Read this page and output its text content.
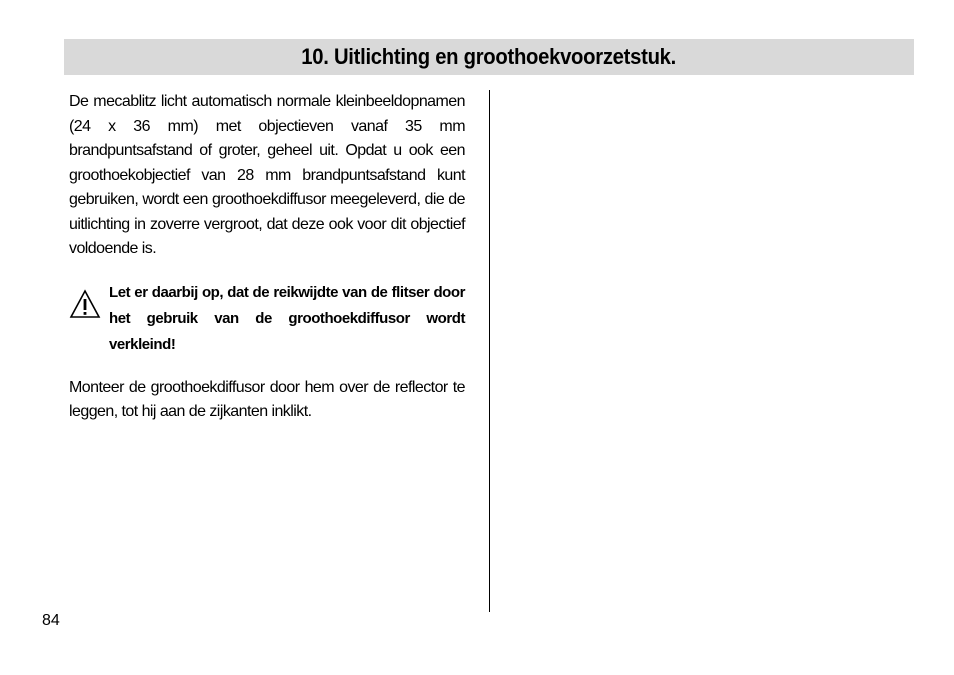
10. Uitlichting en groothoekvoorzetstuk.

De mecablitz licht automatisch normale kleinbeeldopnamen (24 x 36 mm) met objectieven vanaf 35 mm brandpuntsafstand of groter, geheel uit. Opdat u ook een groothoekobjectief van 28 mm brandpuntsafstand kunt gebruiken, wordt een groothoekdiffusor meegeleverd, die de uitlichting in zoverre vergroot, dat deze ook voor dit objectief voldoende is.

Let er daarbij op, dat de reikwijdte van de flitser door het gebruik van de groothoekdiffusor wordt verkleind!

Monteer de groothoekdiffusor door hem over de reflector te leggen, tot hij aan de zijkanten inklikt.

84
